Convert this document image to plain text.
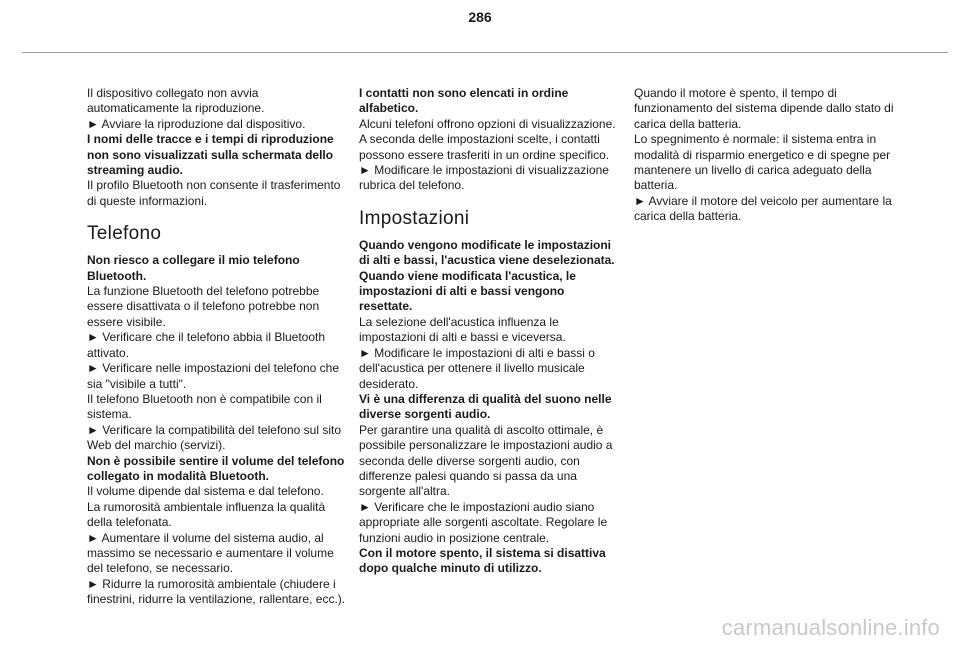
286
Il dispositivo collegato non avvia automaticamente la riproduzione.
► Avviare la riproduzione dal dispositivo.
I nomi delle tracce e i tempi di riproduzione non sono visualizzati sulla schermata dello streaming audio.
Il profilo Bluetooth non consente il trasferimento di queste informazioni.
Telefono
Non riesco a collegare il mio telefono Bluetooth.
La funzione Bluetooth del telefono potrebbe essere disattivata o il telefono potrebbe non essere visibile.
► Verificare che il telefono abbia il Bluetooth attivato.
► Verificare nelle impostazioni del telefono che sia "visibile a tutti".
Il telefono Bluetooth non è compatibile con il sistema.
► Verificare la compatibilità del telefono sul sito Web del marchio (servizi).
Non è possibile sentire il volume del telefono collegato in modalità Bluetooth.
Il volume dipende dal sistema e dal telefono.
La rumorosità ambientale influenza la qualità della telefonata.
► Aumentare il volume del sistema audio, al massimo se necessario e aumentare il volume del telefono, se necessario.
► Ridurre la rumorosità ambientale (chiudere i finestrini, ridurre la ventilazione, rallentare, ecc.).
I contatti non sono elencati in ordine alfabetico.
Alcuni telefoni offrono opzioni di visualizzazione. A seconda delle impostazioni scelte, i contatti possono essere trasferiti in un ordine specifico.
► Modificare le impostazioni di visualizzazione rubrica del telefono.
Impostazioni
Quando vengono modificate le impostazioni di alti e bassi, l'acustica viene deselezionata.
Quando viene modificata l'acustica, le impostazioni di alti e bassi vengono resettate.
La selezione dell'acustica influenza le impostazioni di alti e bassi e viceversa.
► Modificare le impostazioni di alti e bassi o dell'acustica per ottenere il livello musicale desiderato.
Vi è una differenza di qualità del suono nelle diverse sorgenti audio.
Per garantire una qualità di ascolto ottimale, è possibile personalizzare le impostazioni audio a seconda delle diverse sorgenti audio, con differenze palesi quando si passa da una sorgente all'altra.
► Verificare che le impostazioni audio siano appropriate alle sorgenti ascoltate. Regolare le funzioni audio in posizione centrale.
Con il motore spento, il sistema si disattiva dopo qualche minuto di utilizzo.
Quando il motore è spento, il tempo di funzionamento del sistema dipende dallo stato di carica della batteria.
Lo spegnimento è normale: il sistema entra in modalità di risparmio energetico e di spegne per mantenere un livello di carica adeguato della batteria.
► Avviare il motore del veicolo per aumentare la carica della batteria.
carmanualsonline.info
